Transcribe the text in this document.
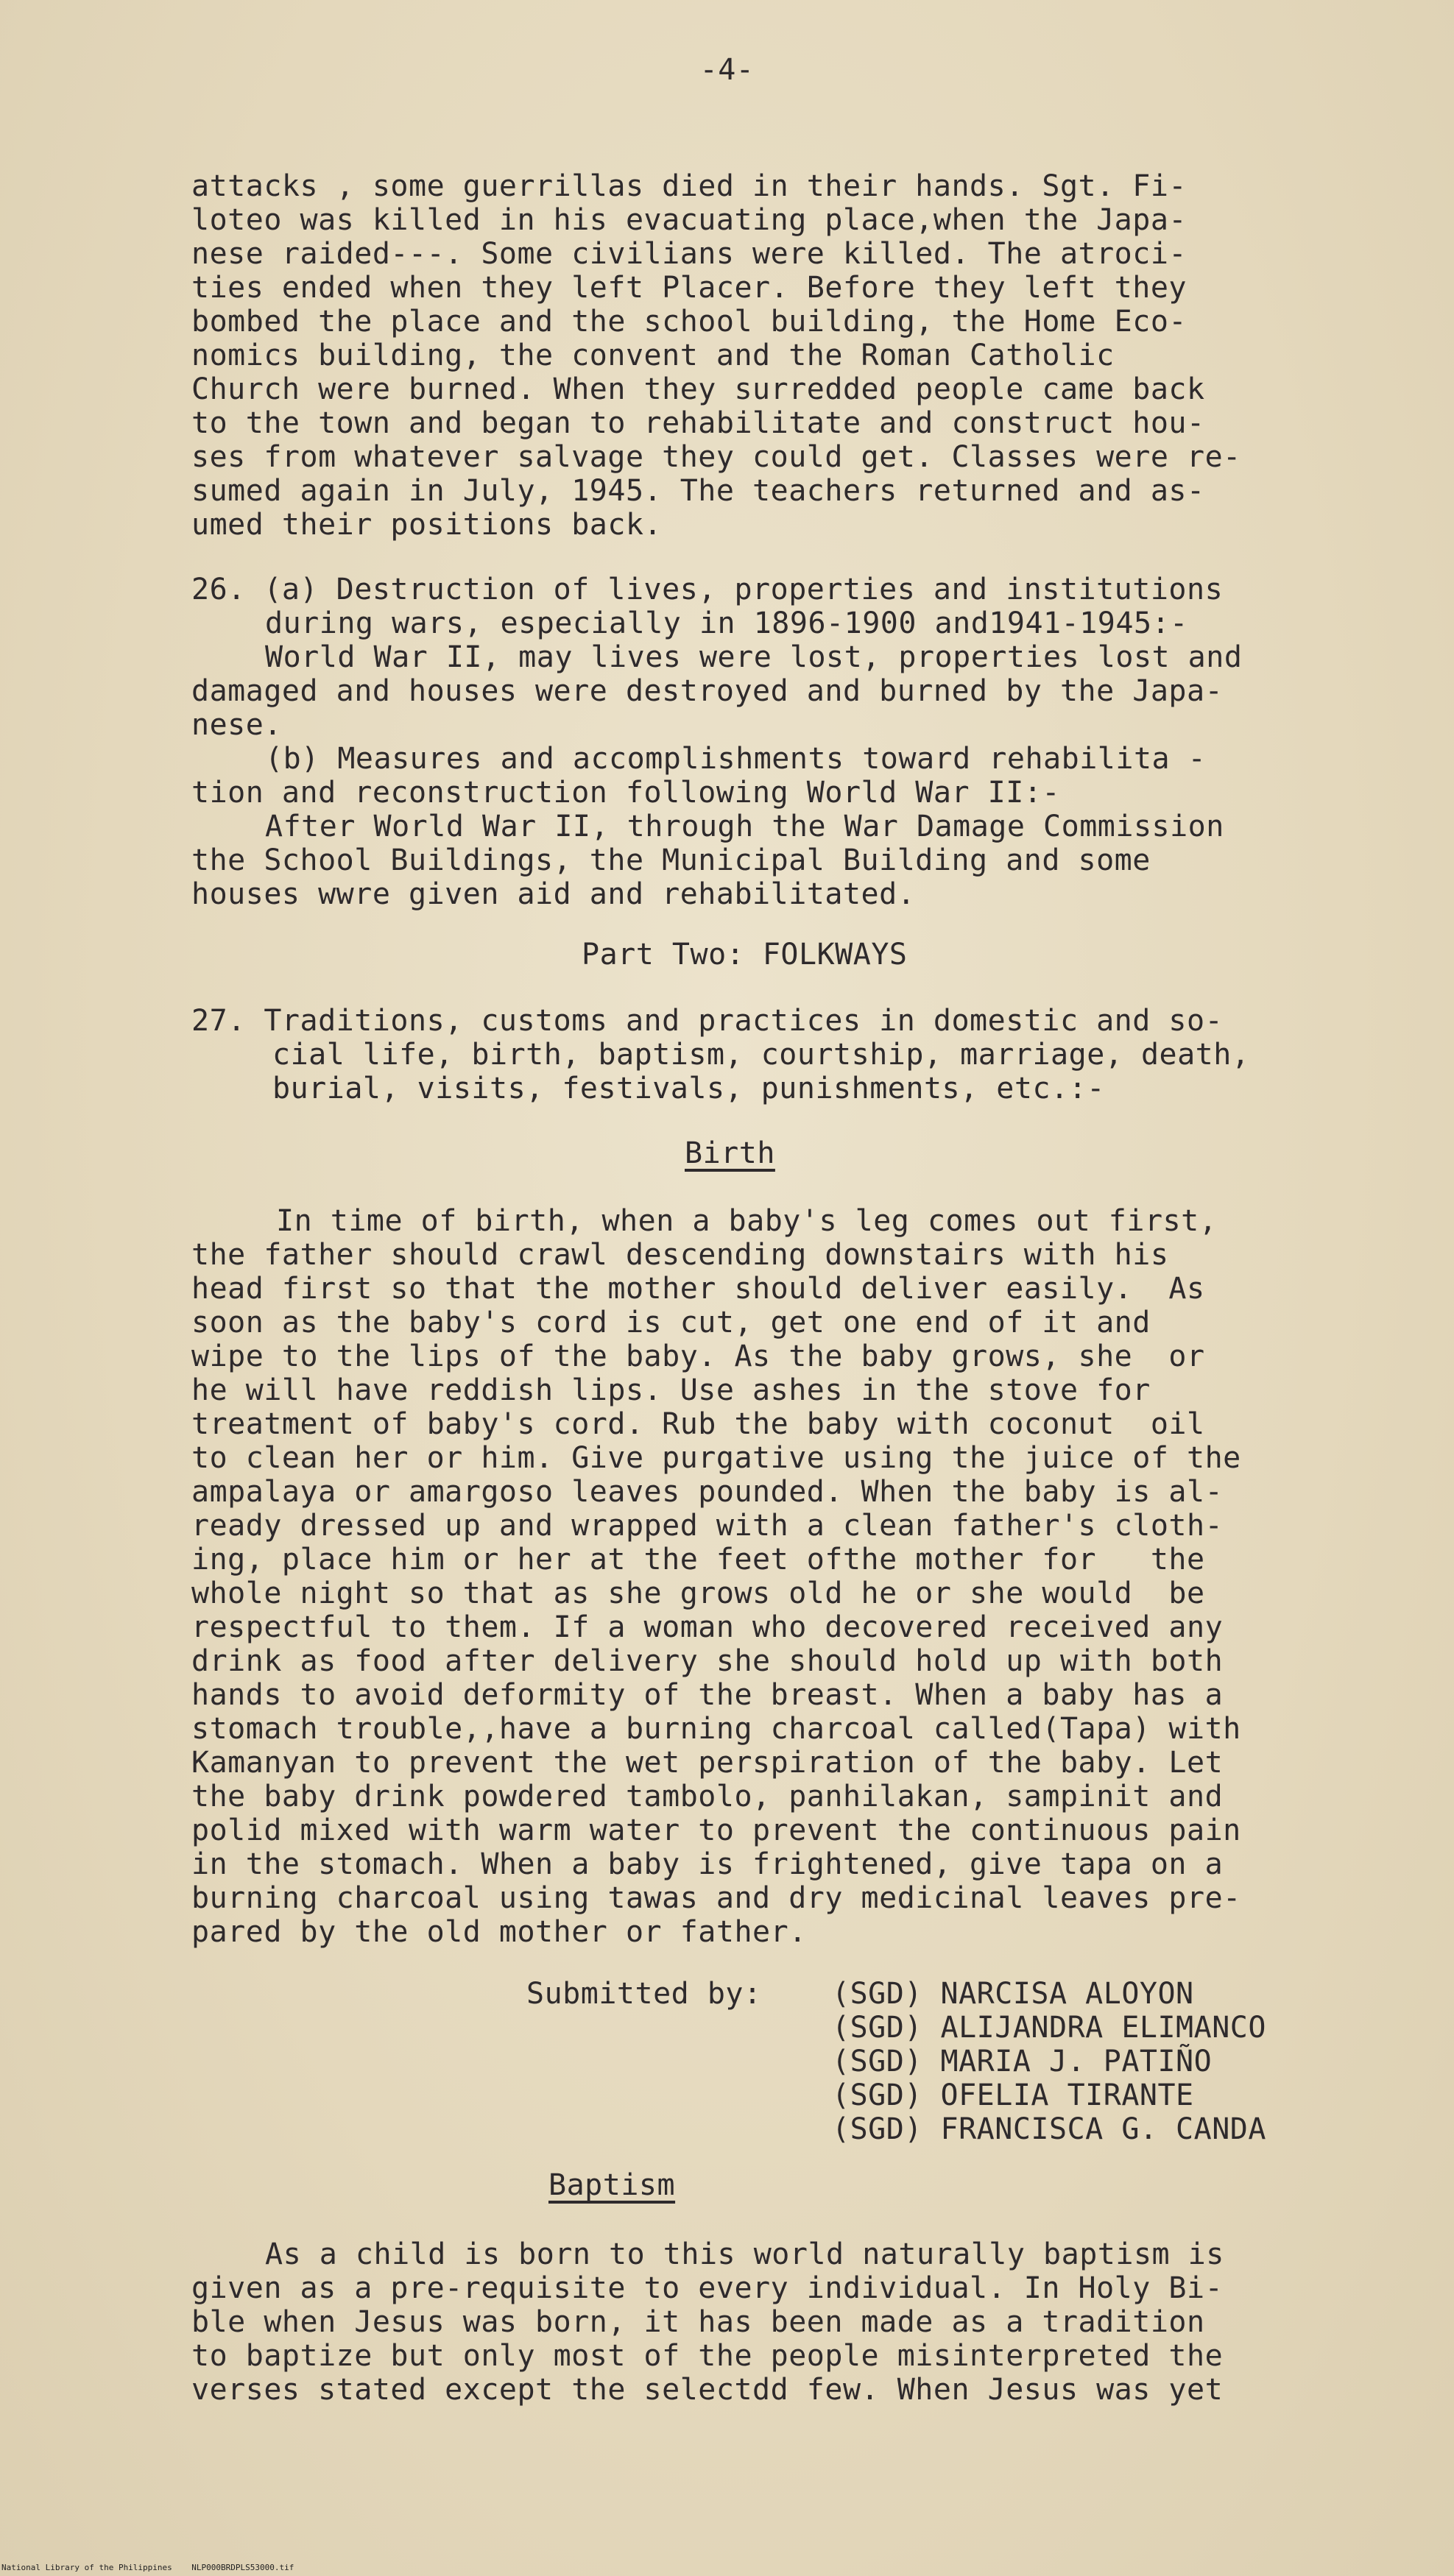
-4-
attacks , some guerrillas died in their hands. Sgt. Fi-
loteo was killed in his evacuating place,when the Japa-
nese raided---. Some civilians were killed. The atroci-
ties ended when they left Placer. Before they left they
bombed the place and the school building, the Home Eco-
nomics building, the convent and the Roman Catholic
Church were burned. When they surredded people came back
to the town and began to rehabilitate and construct hou-
ses from whatever salvage they could get. Classes were re-
sumed again in July, 1945. The teachers returned and as-
umed their positions back.
26. (a) Destruction of lives, properties and institutions
during wars, especially in 1896-1900 and1941-1945:-
World War II, may lives were lost, properties lost and
damaged and houses were destroyed and burned by the Japa-
nese.
(b) Measures and accomplishments toward rehabilita -
tion and reconstruction following World War II:-
After World War II, through the War Damage Commission
the School Buildings, the Municipal Building and some
houses wwre given aid and rehabilitated.
Part Two: FOLKWAYS
27. Traditions, customs and practices in domestic and so-
cial life, birth, baptism, courtship, marriage, death,
burial, visits, festivals, punishments, etc.:-
Birth
In time of birth, when a baby's leg comes out first,
the father should crawl descending downstairs with his
head first so that the mother should deliver easily.  As
soon as the baby's cord is cut, get one end of it and
wipe to the lips of the baby. As the baby grows, she  or
he will have reddish lips. Use ashes in the stove for
treatment of baby's cord. Rub the baby with coconut  oil
to clean her or him. Give purgative using the juice of the
ampalaya or amargoso leaves pounded. When the baby is al-
ready dressed up and wrapped with a clean father's cloth-
ing, place him or her at the feet ofthe mother for   the
whole night so that as she grows old he or she would  be
respectful to them. If a woman who decovered received any
drink as food after delivery she should hold up with both
hands to avoid deformity of the breast. When a baby has a
stomach trouble,,have a burning charcoal called(Tapa) with
Kamanyan to prevent the wet perspiration of the baby. Let
the baby drink powdered tambolo, panhilakan, sampinit and
polid mixed with warm water to prevent the continuous pain
in the stomach. When a baby is frightened, give tapa on a
burning charcoal using tawas and dry medicinal leaves pre-
pared by the old mother or father.
Submitted by: (SGD) NARCISA ALOYON
(SGD) ALIJANDRA ELIMANCO
(SGD) MARIA J. PATIÑO
(SGD) OFELIA TIRANTE
(SGD) FRANCISCA G. CANDA
Baptism
As a child is born to this world naturally baptism is
given as a pre-requisite to every individual. In Holy Bi-
ble when Jesus was born, it has been made as a tradition
to baptize but only most of the people misinterpreted the
verses stated except the selectdd few. When Jesus was yet
National Library of the Philippines    NLP000BRDPLS53000.tif
